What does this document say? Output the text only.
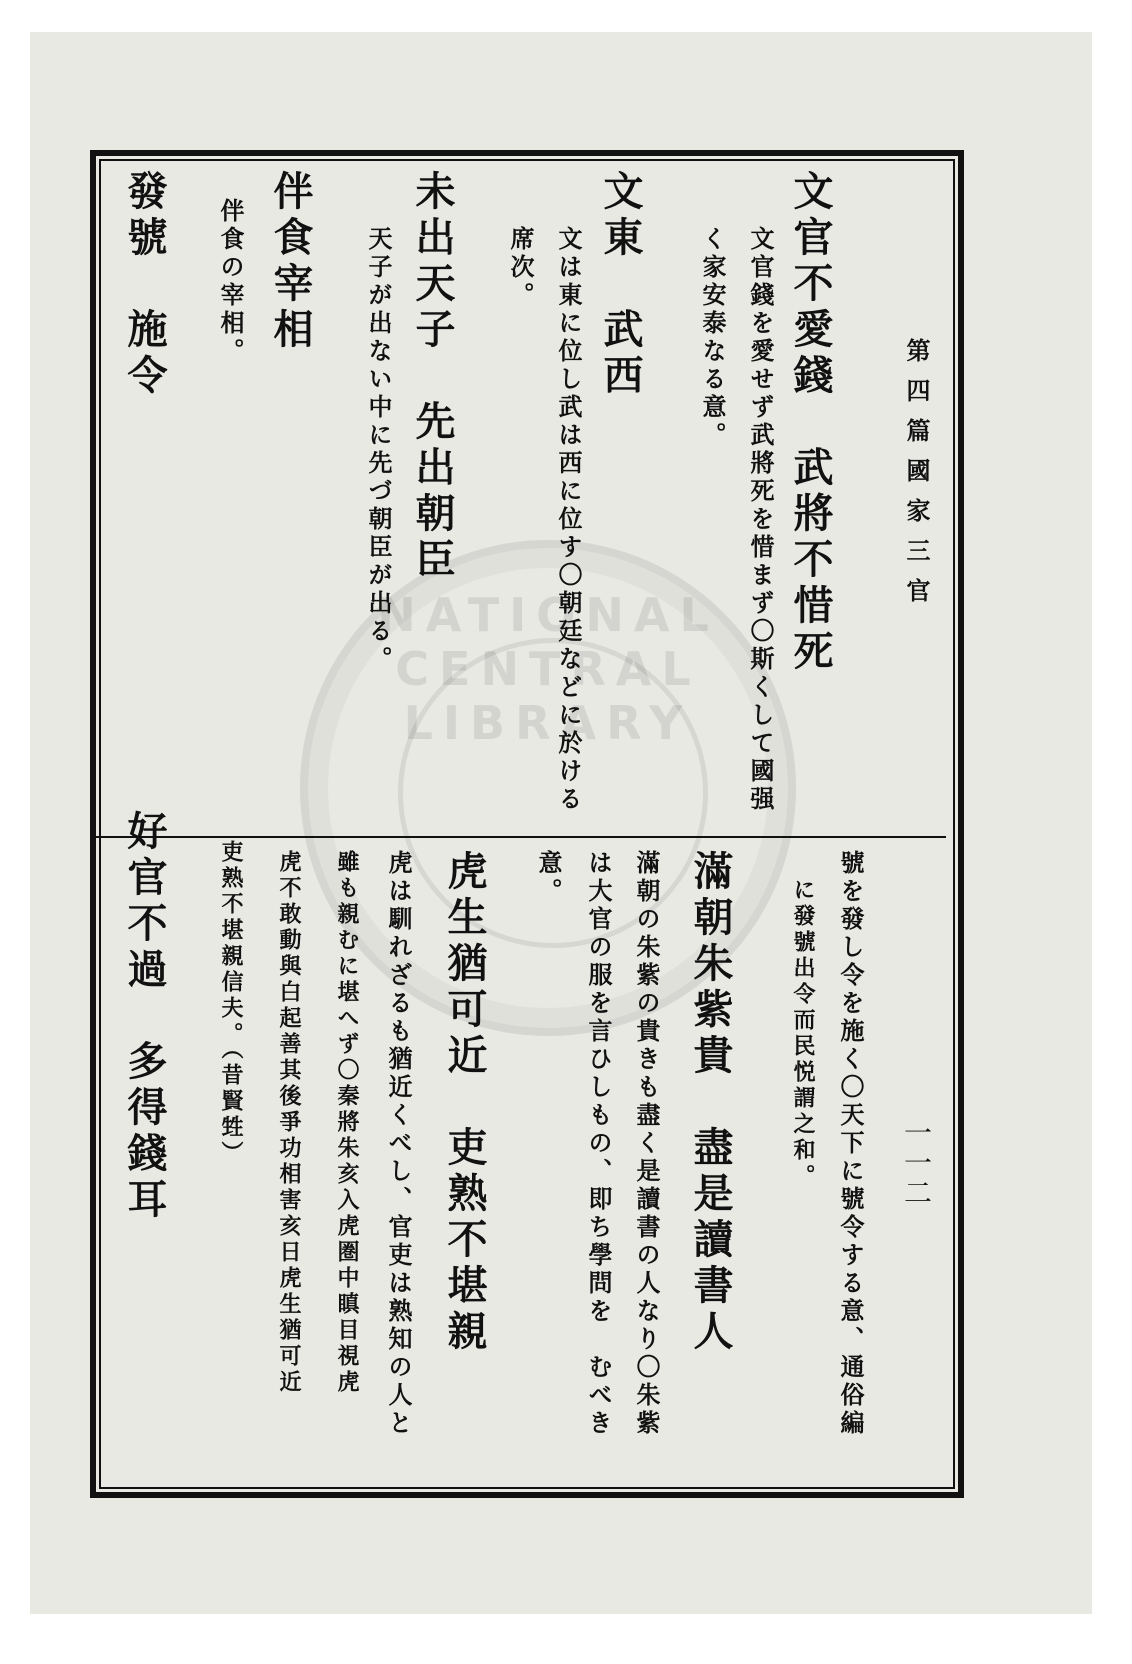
NATIONAL CENTRAL LIBRARY
文官不愛錢　武將不惜死
文官錢を愛せず武將死を惜まず〇斯くして國强
く家安泰なる意。
文東　武西
文は東に位し武は西に位す〇朝廷などに於ける
席次。
未出天子　先出朝臣
天子が出ない中に先づ朝臣が出る。
伴食宰相
伴食の宰相。
發號　施令
號を發し令を施く〇天下に號令する意、通俗編
に發號出令而民悦謂之和。
滿朝朱紫貴　盡是讀書人
滿朝の朱紫の貴きも盡く是讀書の人なり〇朱紫
は大官の服を言ひしもの、即ち學問を　むべき
意。
虎生猶可近　吏熟不堪親
虎は馴れざるも猶近くべし、官吏は熟知の人と
雖も親むに堪へず〇秦將朱亥入虎圏中瞋目視虎
虎不敢動與白起善其後爭功相害亥日虎生猶可近
吏熟不堪親信夫。（昔賢甡）
好官不過　多得錢耳
第四篇國家三官
一一二
